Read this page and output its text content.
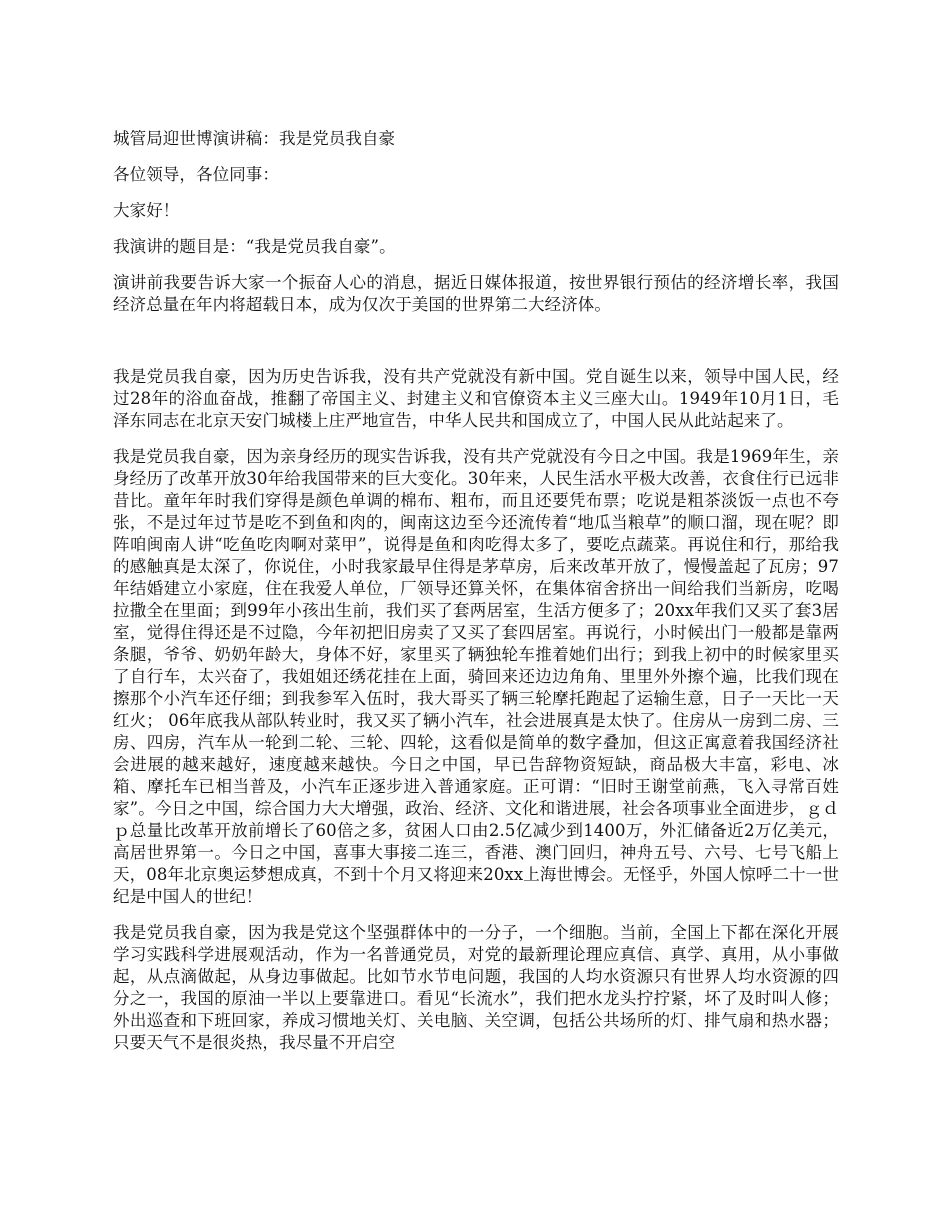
城管局迎世博演讲稿：我是党员我自豪

各位领导，各位同事：

大家好！

我演讲的题目是：“我是党员我自豪”。

演讲前我要告诉大家一个振奋人心的消息，据近日媒体报道，按世界银行预估的经济增长率，我国经济总量在年内将超载日本，成为仅次于美国的世界第二大经济体。

我是党员我自豪，因为历史告诉我，没有共产党就没有新中国。党自诞生以来，领导中国人民，经过28年的浴血奋战，推翻了帝国主义、封建主义和官僚资本主义三座大山。1949年10月1日，毛泽东同志在北京天安门城楼上庄严地宣告，中华人民共和国成立了，中国人民从此站起来了。

我是党员我自豪，因为亲身经历的现实告诉我，没有共产党就没有今日之中国。我是1969年生，亲身经历了改革开放30年给我国带来的巨大变化。30年来，人民生活水平极大改善，衣食住行已远非昔比。童年年时我们穿得是颜色单调的棉布、粗布，而且还要凭布票；吃说是粗茶淡饭一点也不夸张，不是过年过节是吃不到鱼和肉的，闽南这边至今还流传着“地瓜当粮草”的顺口溜，现在呢？即阵咱闽南人讲“吃鱼吃肉啊对菜甲”，说得是鱼和肉吃得太多了，要吃点蔬菜。再说住和行，那给我的感触真是太深了，你说住，小时我家最早住得是茅草房，后来改革开放了，慢慢盖起了瓦房；97年结婚建立小家庭，住在我爱人单位，厂领导还算关怀，在集体宿舍挤出一间给我们当新房，吃喝拉撒全在里面；到99年小孩出生前，我们买了套两居室，生活方便多了；20xx年我们又买了套3居室，觉得住得还是不过隐，今年初把旧房卖了又买了套四居室。再说行，小时候出门一般都是靠两条腿，爷爷、奶奶年龄大，身体不好，家里买了辆独轮车推着她们出行；到我上初中的时候家里买了自行车，太兴奋了，我姐姐还绣花挂在上面，骑回来还边边角角、里里外外擦个遍，比我们现在擦那个小汽车还仔细；到我参军入伍时，我大哥买了辆三轮摩托跑起了运输生意，日子一天比一天红火； 06年底我从部队转业时，我又买了辆小汽车，社会进展真是太快了。住房从一房到二房、三房、四房，汽车从一轮到二轮、三轮、四轮，这看似是简单的数字叠加，但这正寓意着我国经济社会进展的越来越好，速度越来越快。今日之中国，早已告辞物资短缺，商品极大丰富，彩电、冰箱、摩托车已相当普及，小汽车正逐步进入普通家庭。正可谓：“旧时王谢堂前燕，飞入寻常百姓家”。今日之中国，综合国力大大增强，政治、经济、文化和谐进展，社会各项事业全面进步，ｇｄｐ总量比改革开放前增长了60倍之多，贫困人口由2.5亿减少到1400万，外汇储备近2万亿美元，高居世界第一。今日之中国，喜事大事接二连三，香港、澳门回归，神舟五号、六号、七号飞船上天，08年北京奥运梦想成真，不到十个月又将迎来20xx上海世博会。无怪乎，外国人惊呼二十一世纪是中国人的世纪！

我是党员我自豪，因为我是党这个坚强群体中的一分子，一个细胞。当前，全国上下都在深化开展学习实践科学进展观活动，作为一名普通党员，对党的最新理论理应真信、真学、真用，从小事做起，从点滴做起，从身边事做起。比如节水节电问题，我国的人均水资源只有世界人均水资源的四分之一，我国的原油一半以上要靠进口。看见“长流水”，我们把水龙头拧拧紧，坏了及时叫人修；外出巡查和下班回家，养成习惯地关灯、关电脑、关空调，包括公共场所的灯、排气扇和热水器；只要天气不是很炎热，我尽量不开启空
